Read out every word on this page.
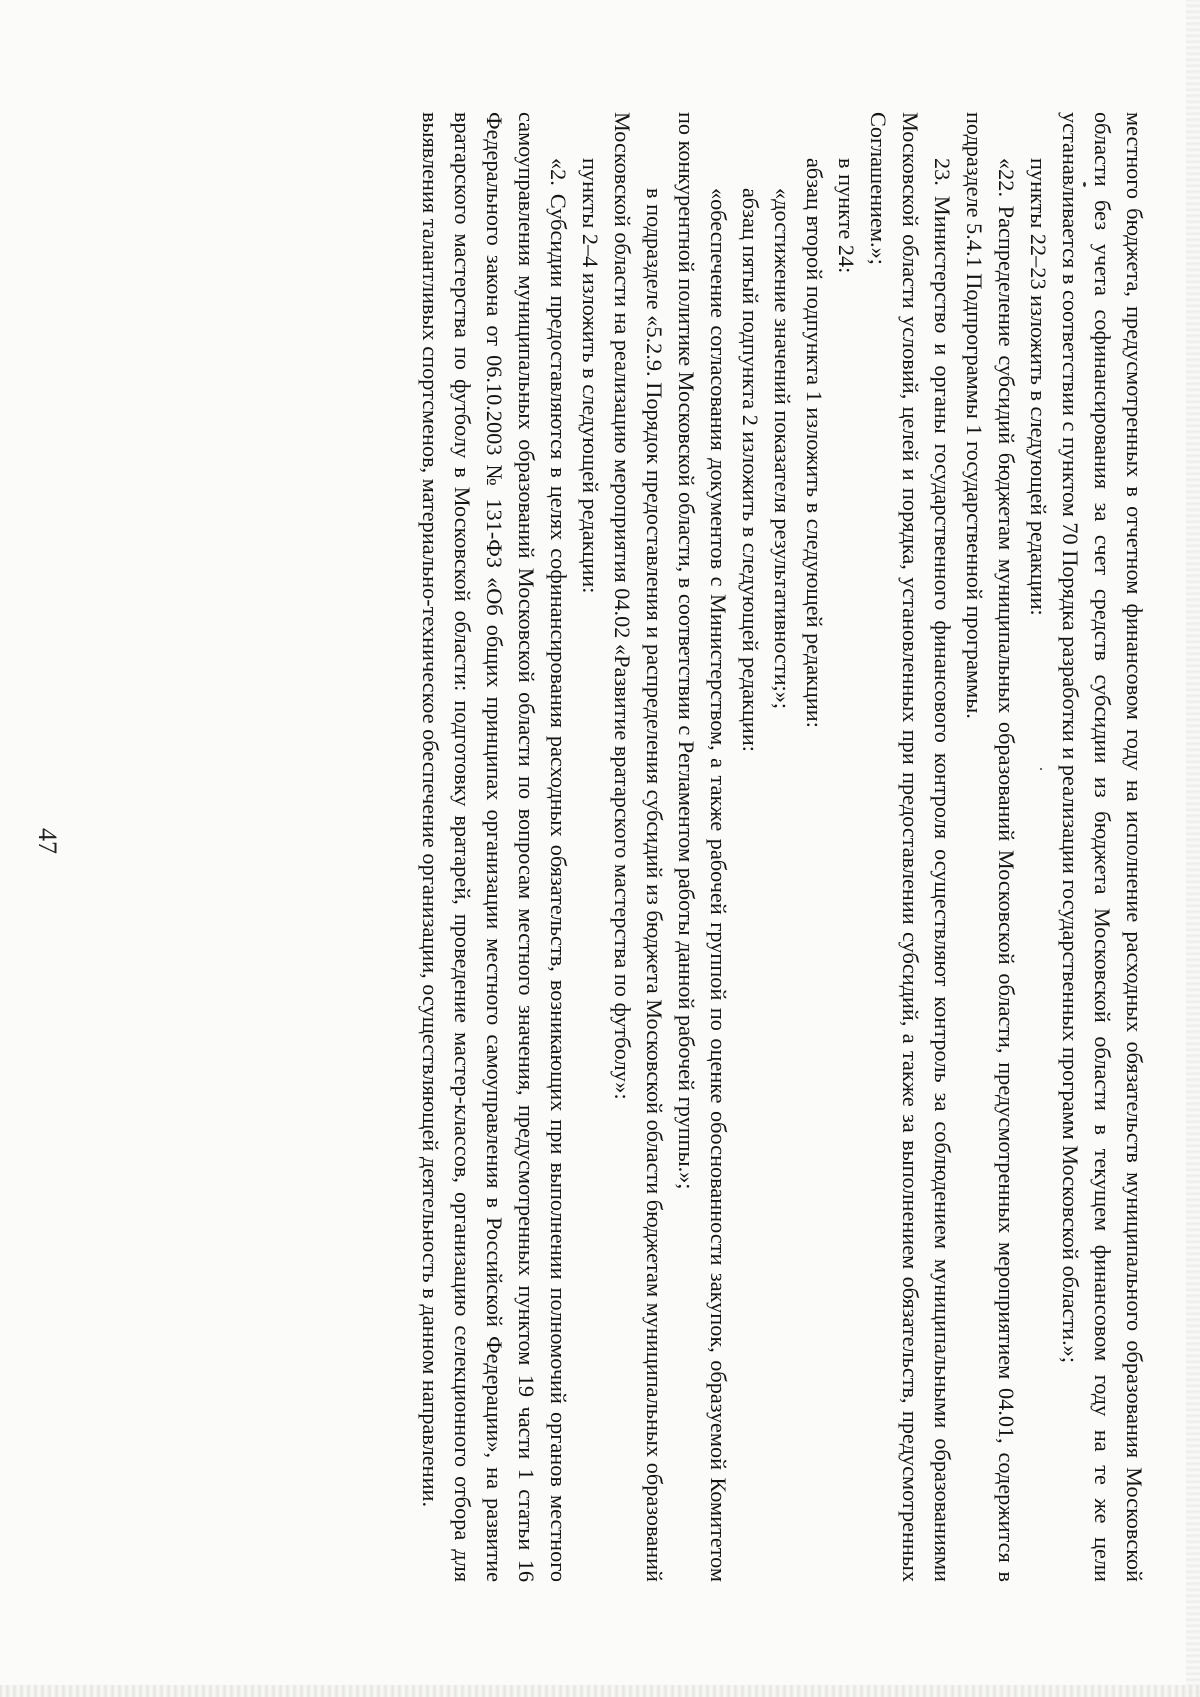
47	местного бюджета, предусмотренных в отчетном финансовом году на исполнение расходных обязательств муниципального образования Московской области без учета софинансирования за счет средств субсидии из бюджета Московской области в текущем финансовом году на те же цели устанавливается в соответствии с пунктом 70 Порядка разработки и реализации государственных программ Московской области.»;

пункты 22–23 изложить в следующей редакции:

«22. Распределение субсидий бюджетам муниципальных образований Московской области, предусмотренных мероприятием 04.01, содержится в подразделе 5.4.1 Подпрограммы 1 государственной программы.

23. Министерство и органы государственного финансового контроля осуществляют контроль за соблюдением муниципальными образованиями Московской области условий, целей и порядка, установленных при предоставлении субсидий, а также за выполнением обязательств, предусмотренных Соглашением.»;

в пункте 24:

абзац второй подпункта 1 изложить в следующей редакции:

«достижение значений показателя результативности;»;

абзац пятый подпункта 2 изложить в следующей редакции:

«обеспечение согласования документов с Министерством, а также рабочей группой по оценке обоснованности закупок, образуемой Комитетом по конкурентной политике Московской области, в соответствии с Регламентом работы данной рабочей группы.»;

в подразделе «5.2.9. Порядок предоставления и распределения субсидий из бюджета Московской области бюджетам муниципальных образований Московской области на реализацию мероприятия 04.02 «Развитие вратарского мастерства по футболу»:

пункты 2–4 изложить в следующей редакции:

«2. Субсидии предоставляются в целях софинансирования расходных обязательств, возникающих при выполнении полномочий органов местного самоуправления муниципальных образований Московской области по вопросам местного значения, предусмотренных пунктом 19 части 1 статьи 16 Федерального закона от 06.10.2003 № 131-ФЗ «Об общих принципах организации местного самоуправления в Российской Федерации», на развитие вратарского мастерства по футболу в Московской области: подготовку вратарей, проведение мастер-классов, организацию селекционного отбора для выявления талантливых спортсменов, материально-техническое обеспечение организации, осуществляющей деятельность в данном направлении.
